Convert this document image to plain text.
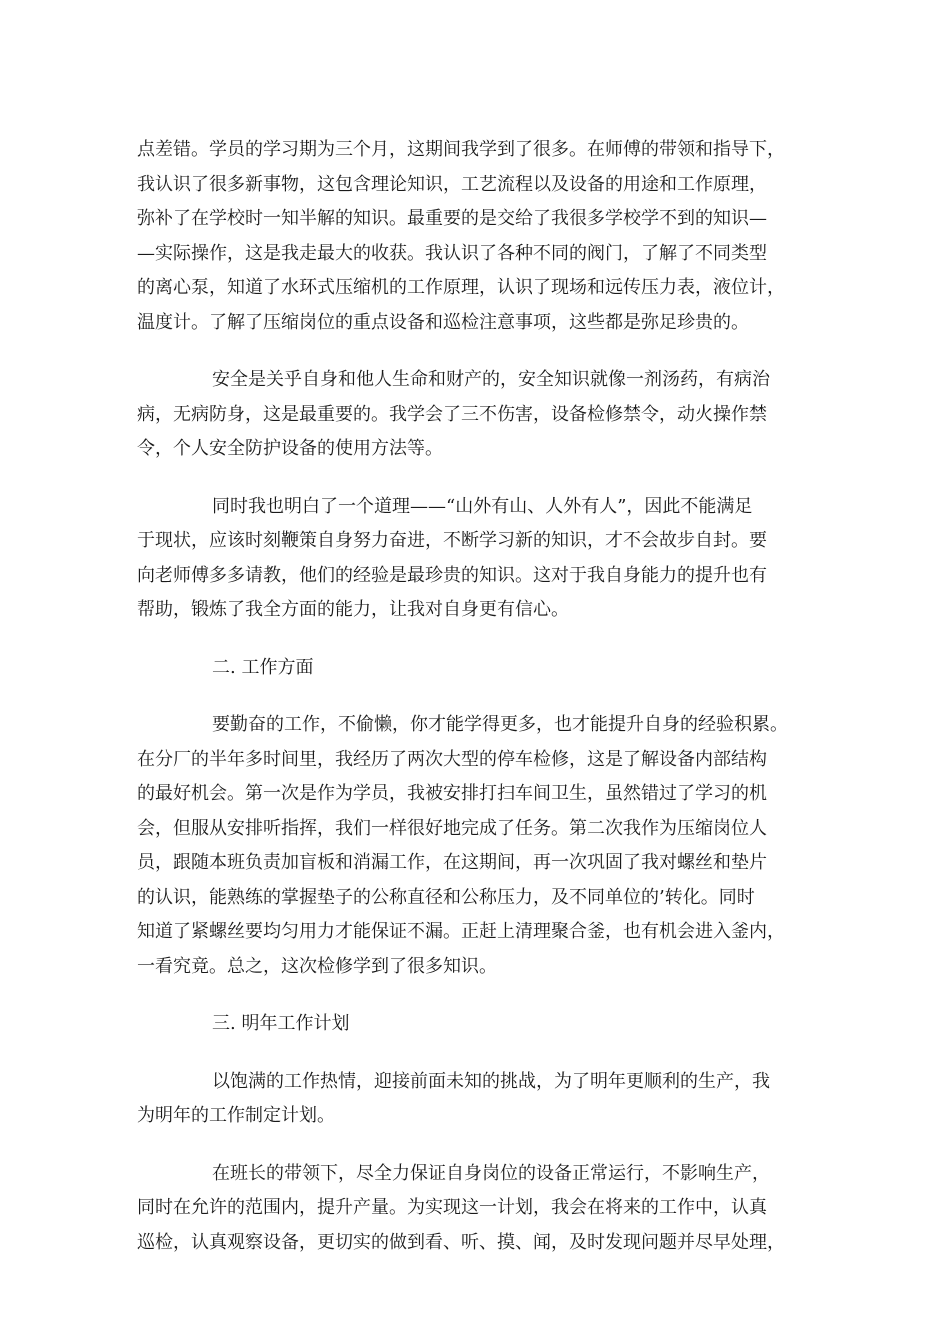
点差错。学员的学习期为三个月，这期间我学到了很多。在师傅的带领和指导下，
我认识了很多新事物，这包含理论知识，工艺流程以及设备的用途和工作原理，
弥补了在学校时一知半解的知识。最重要的是交给了我很多学校学不到的知识—
—实际操作，这是我走最大的收获。我认识了各种不同的阀门，了解了不同类型
的离心泵，知道了水环式压缩机的工作原理，认识了现场和远传压力表，液位计，
温度计。了解了压缩岗位的重点设备和巡检注意事项，这些都是弥足珍贵的。

安全是关乎自身和他人生命和财产的，安全知识就像一剂汤药，有病治
病，无病防身，这是最重要的。我学会了三不伤害，设备检修禁令，动火操作禁
令，个人安全防护设备的使用方法等。

同时我也明白了一个道理——“山外有山、人外有人”，因此不能满足
于现状，应该时刻鞭策自身努力奋进，不断学习新的知识，才不会故步自封。要
向老师傅多多请教，他们的经验是最珍贵的知识。这对于我自身能力的提升也有
帮助，锻炼了我全方面的能力，让我对自身更有信心。

二. 工作方面

要勤奋的工作，不偷懒，你才能学得更多，也才能提升自身的经验积累。
在分厂的半年多时间里，我经历了两次大型的停车检修，这是了解设备内部结构
的最好机会。第一次是作为学员，我被安排打扫车间卫生，虽然错过了学习的机
会，但服从安排听指挥，我们一样很好地完成了任务。第二次我作为压缩岗位人
员，跟随本班负责加盲板和消漏工作，在这期间，再一次巩固了我对螺丝和垫片
的认识，能熟练的掌握垫子的公称直径和公称压力，及不同单位的’转化。同时
知道了紧螺丝要均匀用力才能保证不漏。正赶上清理聚合釜，也有机会进入釜内，
一看究竟。总之，这次检修学到了很多知识。

三. 明年工作计划

以饱满的工作热情，迎接前面未知的挑战，为了明年更顺利的生产，我
为明年的工作制定计划。

在班长的带领下，尽全力保证自身岗位的设备正常运行，不影响生产，
同时在允许的范围内，提升产量。为实现这一计划，我会在将来的工作中，认真
巡检，认真观察设备，更切实的做到看、听、摸、闻，及时发现问题并尽早处理，
